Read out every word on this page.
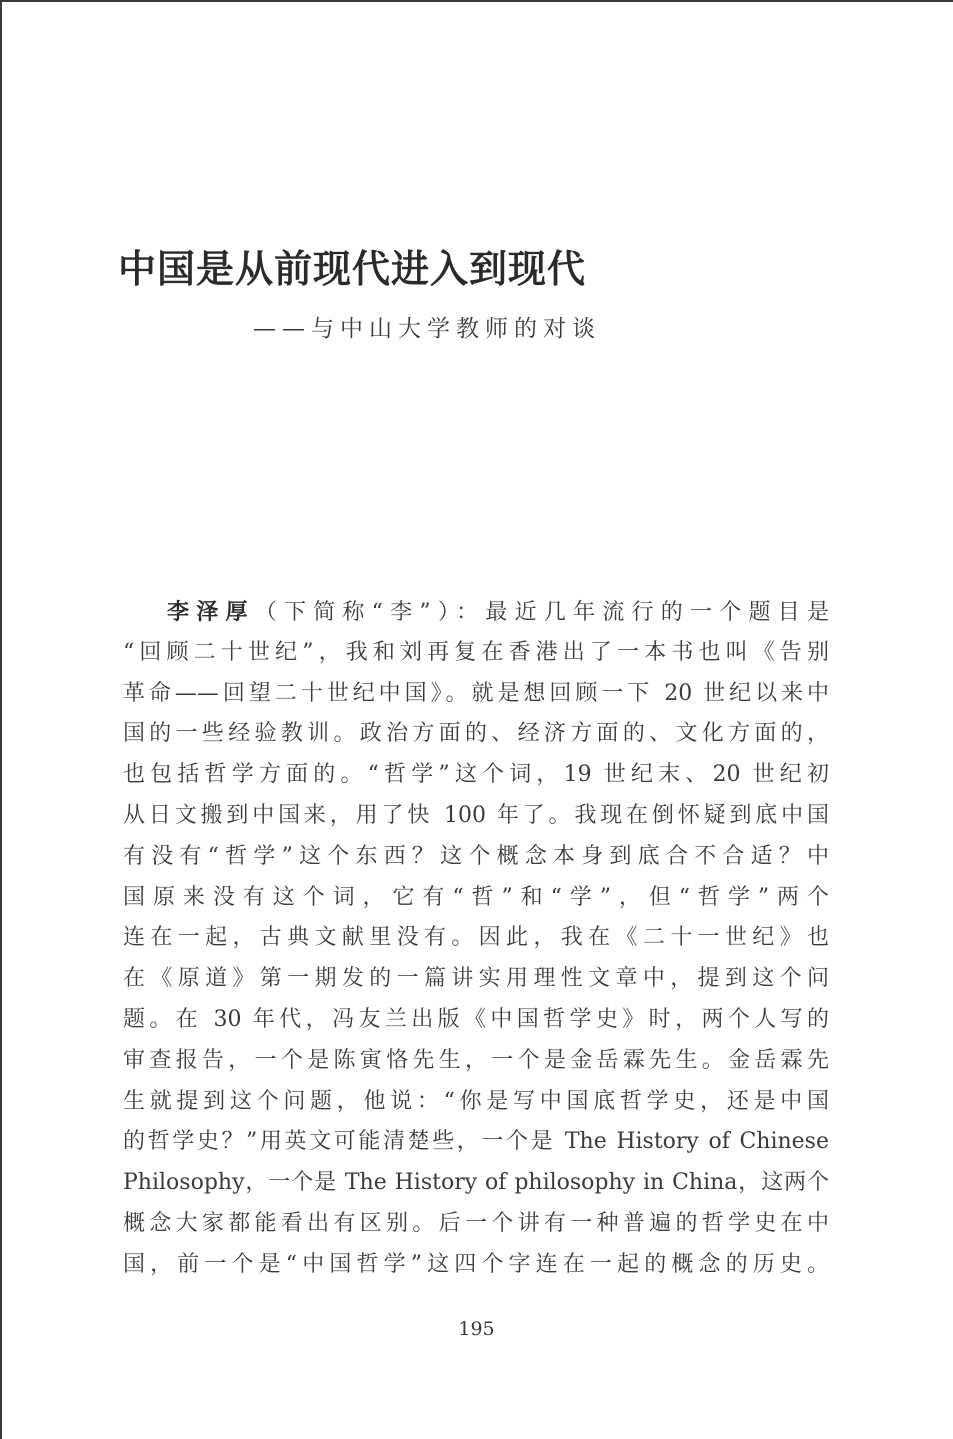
中国是从前现代进入到现代
——与中山大学教师的对谈
李泽厚（下简称“李”）：最近几年流行的一个题目是
“回顾二十世纪”，我和刘再复在香港出了一本书也叫《告别
革命——回望二十世纪中国》。就是想回顾一下 20 世纪以来中
国的一些经验教训。政治方面的、经济方面的、文化方面的，
也包括哲学方面的。“哲学”这个词，19 世纪末、20 世纪初
从日文搬到中国来，用了快 100 年了。我现在倒怀疑到底中国
有没有“哲学”这个东西？这个概念本身到底合不合适？中
国原来没有这个词，它有“哲”和“学”，但“哲学”两个
连在一起，古典文献里没有。因此，我在《二十一世纪》也
在《原道》第一期发的一篇讲实用理性文章中，提到这个问
题。在 30 年代，冯友兰出版《中国哲学史》时，两个人写的
审查报告，一个是陈寅恪先生，一个是金岳霖先生。金岳霖先
生就提到这个问题，他说：“你是写中国底哲学史，还是中国
的哲学史？”用英文可能清楚些，一个是 The History of Chinese
Philosophy，一个是 The History of philosophy in China，这两个
概念大家都能看出有区别。后一个讲有一种普遍的哲学史在中
国，前一个是“中国哲学”这四个字连在一起的概念的历史。
195
